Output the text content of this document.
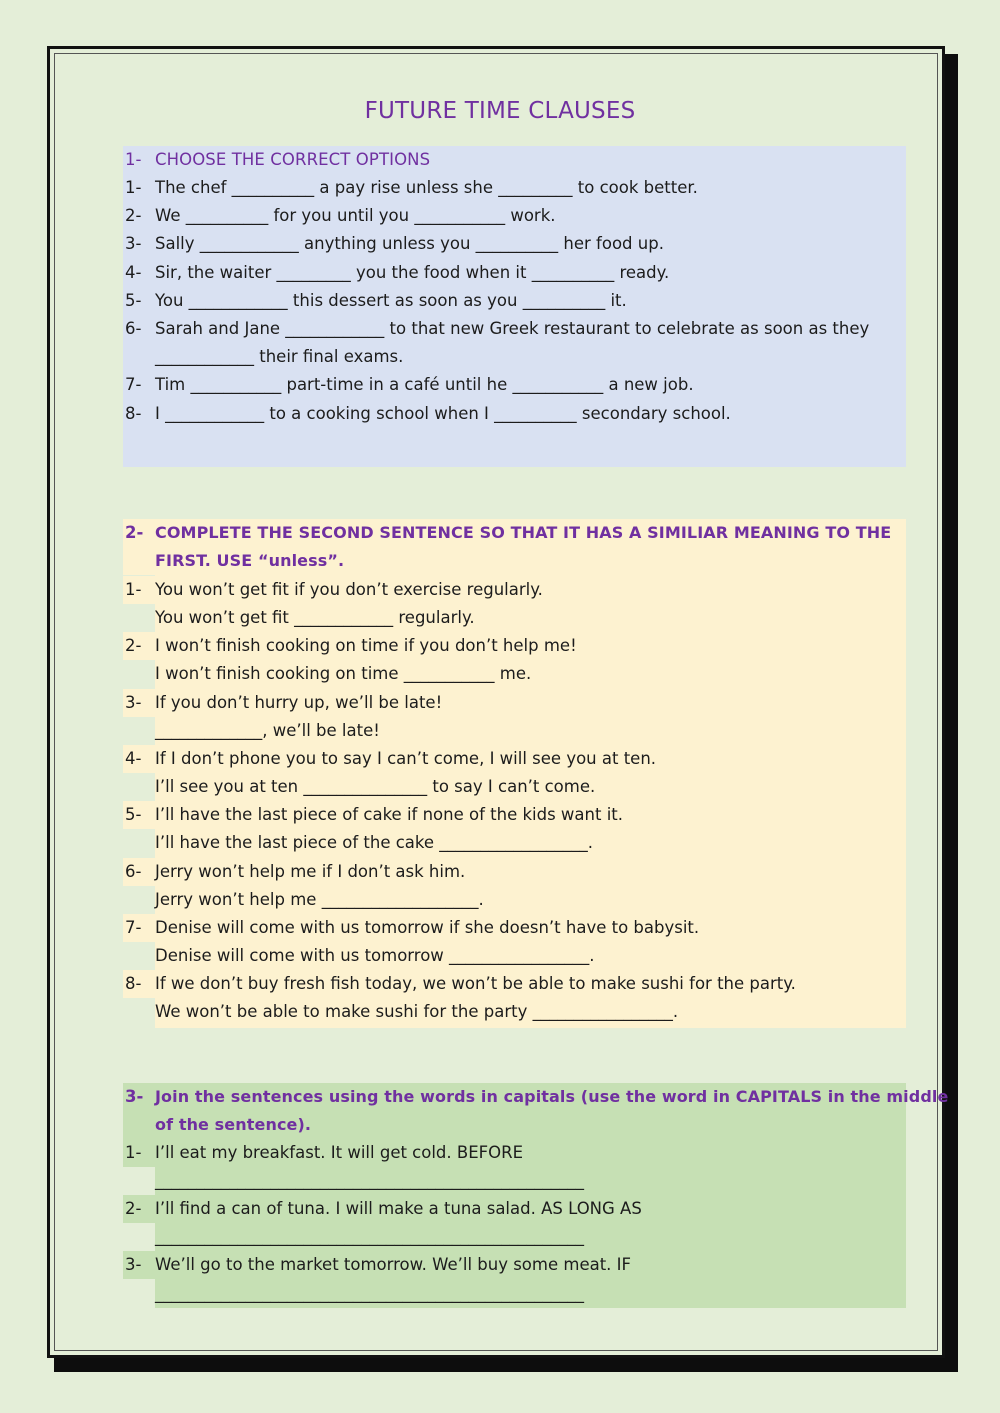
FUTURE TIME CLAUSES
1- CHOOSE THE CORRECT OPTIONS
1- The chef __________ a pay rise unless she _________ to cook better.
2- We __________ for you until you ___________ work.
3- Sally ____________ anything unless you __________ her food up.
4- Sir, the waiter _________ you the food when it __________ ready.
5- You ____________ this dessert as soon as you __________ it.
6- Sarah and Jane ____________ to that new Greek restaurant to celebrate as soon as they
____________ their final exams.
7- Tim ___________ part-time in a café until he ___________ a new job.
8- I ____________ to a cooking school when I __________ secondary school.
2- COMPLETE THE SECOND SENTENCE SO THAT IT HAS A SIMILIAR MEANING TO THE
FIRST. USE “unless”.
1- You won’t get fit if you don’t exercise regularly.
You won’t get fit ____________ regularly.
2- I won’t finish cooking on time if you don’t help me!
I won’t finish cooking on time ___________ me.
3- If you don’t hurry up, we’ll be late!
_____________, we’ll be late!
4- If I don’t phone you to say I can’t come, I will see you at ten.
I’ll see you at ten _______________ to say I can’t come.
5- I’ll have the last piece of cake if none of the kids want it.
I’ll have the last piece of the cake __________________.
6- Jerry won’t help me if I don’t ask him.
Jerry won’t help me ___________________.
7- Denise will come with us tomorrow if she doesn’t have to babysit.
Denise will come with us tomorrow _________________.
8- If we don’t buy fresh fish today, we won’t be able to make sushi for the party.
We won’t be able to make sushi for the party _________________.
3- Join the sentences using the words in capitals (use the word in CAPITALS in the middle
of the sentence).
1- I’ll eat my breakfast. It will get cold. BEFORE
____________________________________________________
2- I’ll find a can of tuna. I will make a tuna salad. AS LONG AS
____________________________________________________
3- We’ll go to the market tomorrow. We’ll buy some meat. IF
____________________________________________________
